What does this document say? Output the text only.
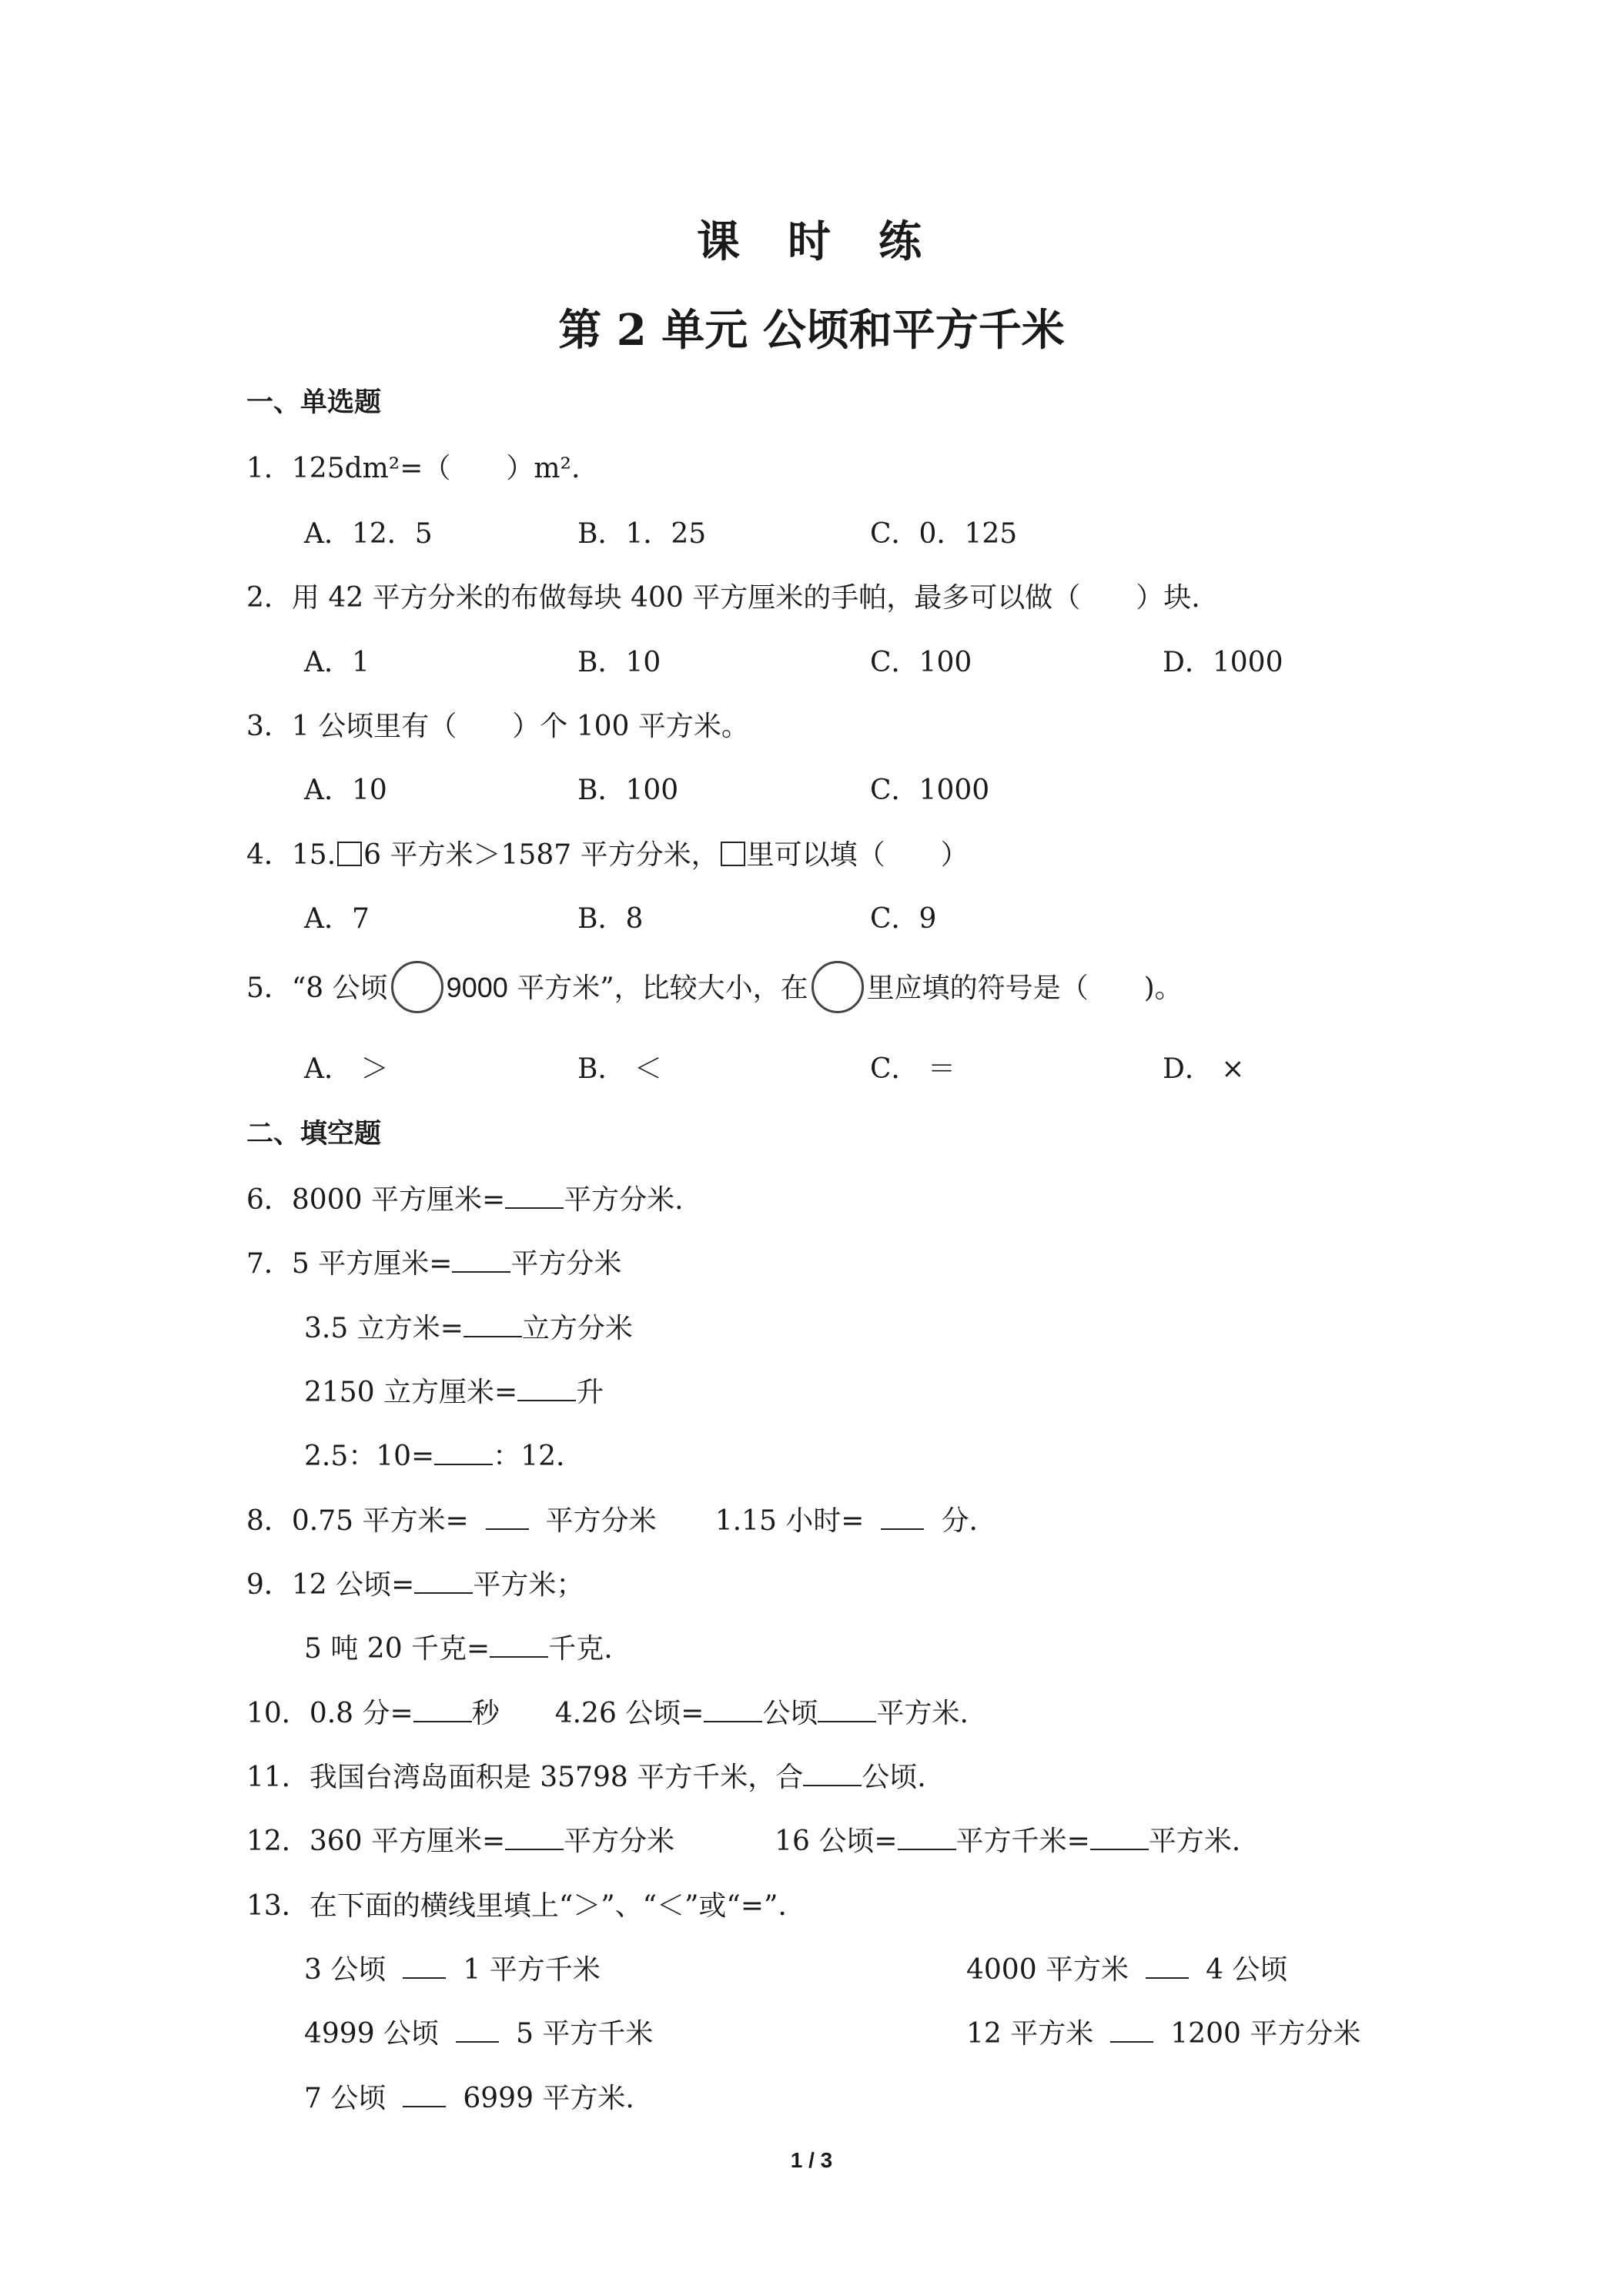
课 时 练
第 2 单元 公顷和平方千米
一、单选题
1．125dm²=（　　）m².
A．12．5	B．1．25	C．0．125
2．用 42 平方分米的布做每块 400 平方厘米的手帕，最多可以做（　　）块.
A．1	B．10	C．100	D．1000
3．1 公顷里有（　　）个 100 平方米。
A．10	B．100	C．1000
4．15. 6 平方米＞1587 平方分米， 里可以填（　　）
A．7	B．8	C．9
5．“8 公顷 9000 平方米”，比较大小，在 里应填的符号是（　　)。
A． ＞	B． ＜	C． ＝	D． ×
二、填空题
6．8000 平方厘米= 平方分米.
7．5 平方厘米= 平方分米
3.5 立方米= 立方分米
2150 立方厘米= 升
2.5：10= ：12.
8．0.75 平方米=	平方分米 1.15 小时=	分.
9．12 公顷= 平方米；
5 吨 20 千克= 千克.
10．0.8 分= 秒 4.26 公顷= 公顷 平方米.
11．我国台湾岛面积是 35798 平方千米，合 公顷.
12．360 平方厘米= 平方分米	16 公顷= 平方千米= 平方米.
13．在下面的横线里填上“＞”、“＜”或“=”.
3 公顷	1 平方千米	4000 平方米	4 公顷
4999 公顷	5 平方千米	12 平方米	1200 平方分米
7 公顷	6999 平方米.
1 / 3
